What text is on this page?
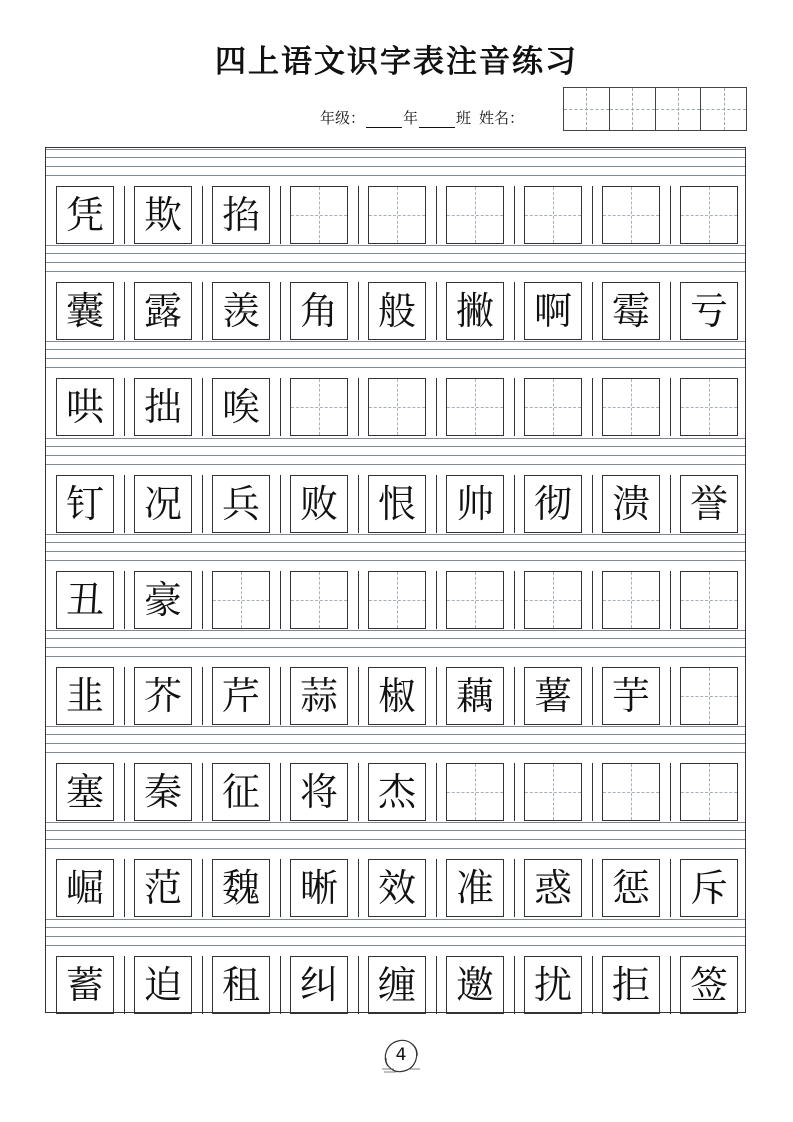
四上语文识字表注音练习
年级：	年	班 姓名：
凭 欺 掐
囊 露 羡 角 般 撇 啊 霉 亏
哄 拙 唉
钉 况 兵 败 恨 帅 彻 溃 誉
丑 豪
韭 芥 芹 蒜 椒 藕 薯 芋
塞 秦 征 将 杰
崛 范 魏 晰 效 准 惑 惩 斥
蓄 迫 租 纠 缠 邀 扰 拒 签
4
